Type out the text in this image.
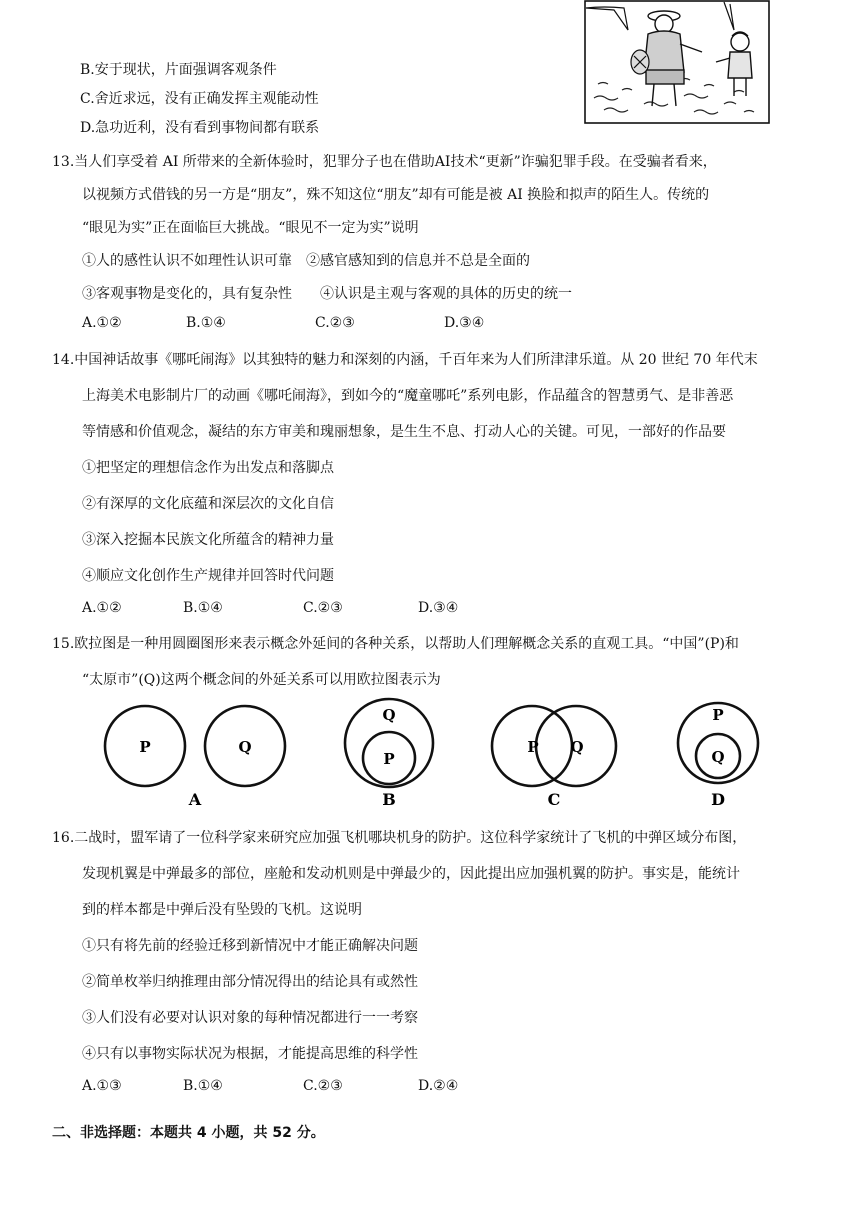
B.安于现状，片面强调客观条件
C.舍近求远，没有正确发挥主观能动性
D.急功近利，没有看到事物间都有联系
13.当人们享受着 AI 所带来的全新体验时，犯罪分子也在借助AI技术“更新”诈骗犯罪手段。在受骗者看来，
以视频方式借钱的另一方是“朋友”，殊不知这位“朋友”却有可能是被 AI 换脸和拟声的陌生人。传统的
“眼见为实”正在面临巨大挑战。“眼见不一定为实”说明
①人的感性认识不如理性认识可靠　②感官感知到的信息并不总是全面的
③客观事物是变化的，具有复杂性　　④认识是主观与客观的具体的历史的统一
A.①②	B.①④	C.②③	D.③④
14.中国神话故事《哪吒闹海》以其独特的魅力和深刻的内涵，千百年来为人们所津津乐道。从 20 世纪 70 年代末
上海美术电影制片厂的动画《哪吒闹海》，到如今的“魔童哪吒”系列电影，作品蕴含的智慧勇气、是非善恶
等情感和价值观念，凝结的东方审美和瑰丽想象，是生生不息、打动人心的关键。可见，一部好的作品要
①把坚定的理想信念作为出发点和落脚点
②有深厚的文化底蕴和深层次的文化自信
③深入挖掘本民族文化所蕴含的精神力量
④顺应文化创作生产规律并回答时代问题
A.①②	B.①④	C.②③	D.③④
15.欧拉图是一种用圆圈图形来表示概念外延间的各种关系，以帮助人们理解概念关系的直观工具。“中国”(P)和
“太原市”(Q)这两个概念间的外延关系可以用欧拉图表示为
P	Q
A
Q
P
B
P Q
C
P
Q
D
16.二战时，盟军请了一位科学家来研究应加强飞机哪块机身的防护。这位科学家统计了飞机的中弹区域分布图，
发现机翼是中弹最多的部位，座舱和发动机则是中弹最少的，因此提出应加强机翼的防护。事实是，能统计
到的样本都是中弹后没有坠毁的飞机。这说明
①只有将先前的经验迁移到新情况中才能正确解决问题
②简单枚举归纳推理由部分情况得出的结论具有或然性
③人们没有必要对认识对象的每种情况都进行一一考察
④只有以事物实际状况为根据，才能提高思维的科学性
A.①③	B.①④	C.②③	D.②④
二、非选择题：本题共 4 小题，共 52 分。
